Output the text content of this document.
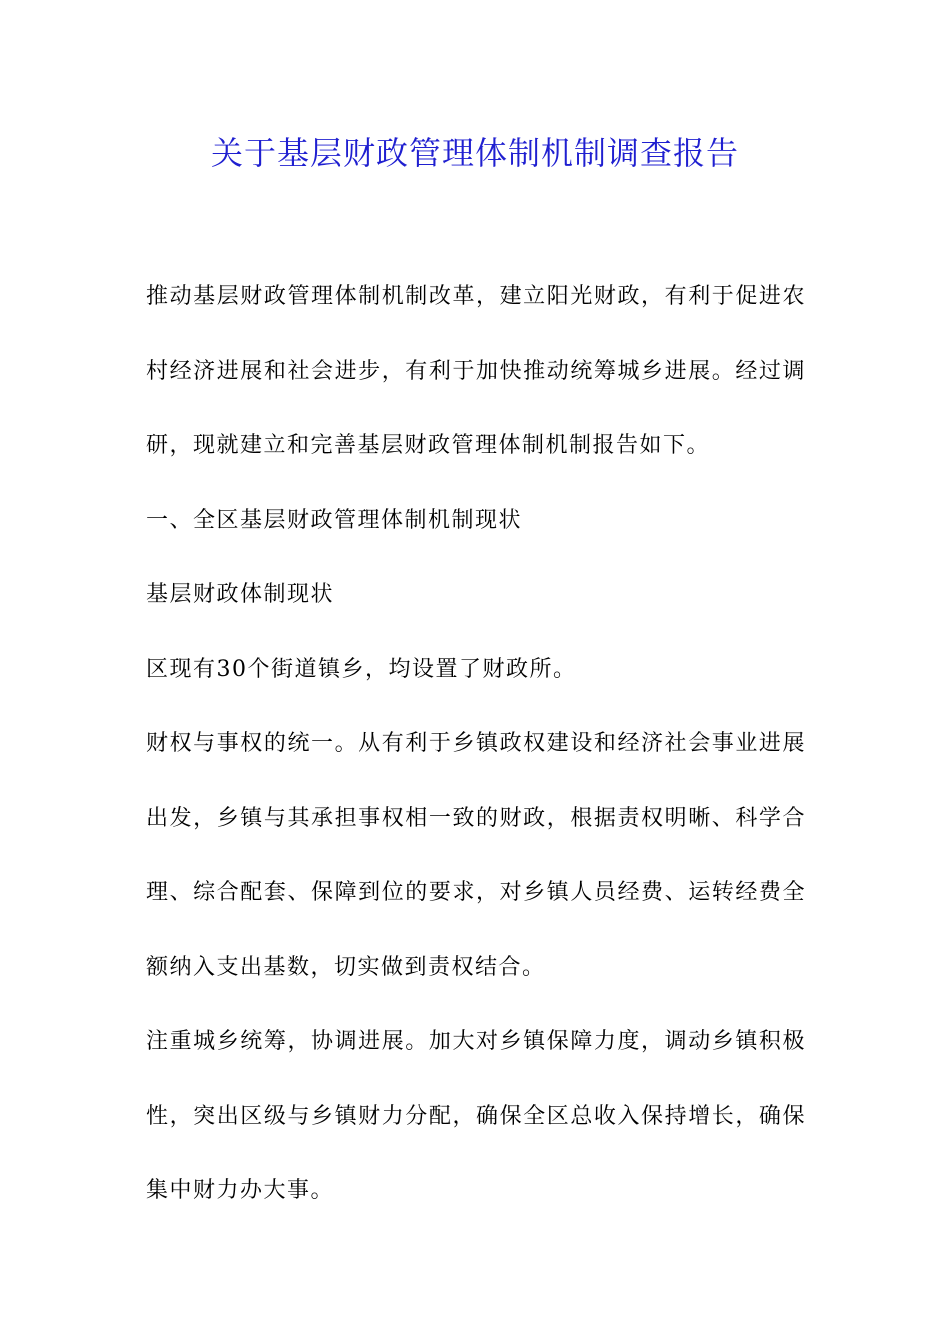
关于基层财政管理体制机制调查报告

推动基层财政管理体制机制改革，建立阳光财政，有利于促进农村经济进展和社会进步，有利于加快推动统筹城乡进展。经过调研，现就建立和完善基层财政管理体制机制报告如下。

一、全区基层财政管理体制机制现状

基层财政体制现状

区现有30个街道镇乡，均设置了财政所。

财权与事权的统一。从有利于乡镇政权建设和经济社会事业进展出发，乡镇与其承担事权相一致的财政，根据责权明晰、科学合理、综合配套、保障到位的要求，对乡镇人员经费、运转经费全额纳入支出基数，切实做到责权结合。

注重城乡统筹，协调进展。加大对乡镇保障力度，调动乡镇积极性，突出区级与乡镇财力分配，确保全区总收入保持增长，确保集中财力办大事。
